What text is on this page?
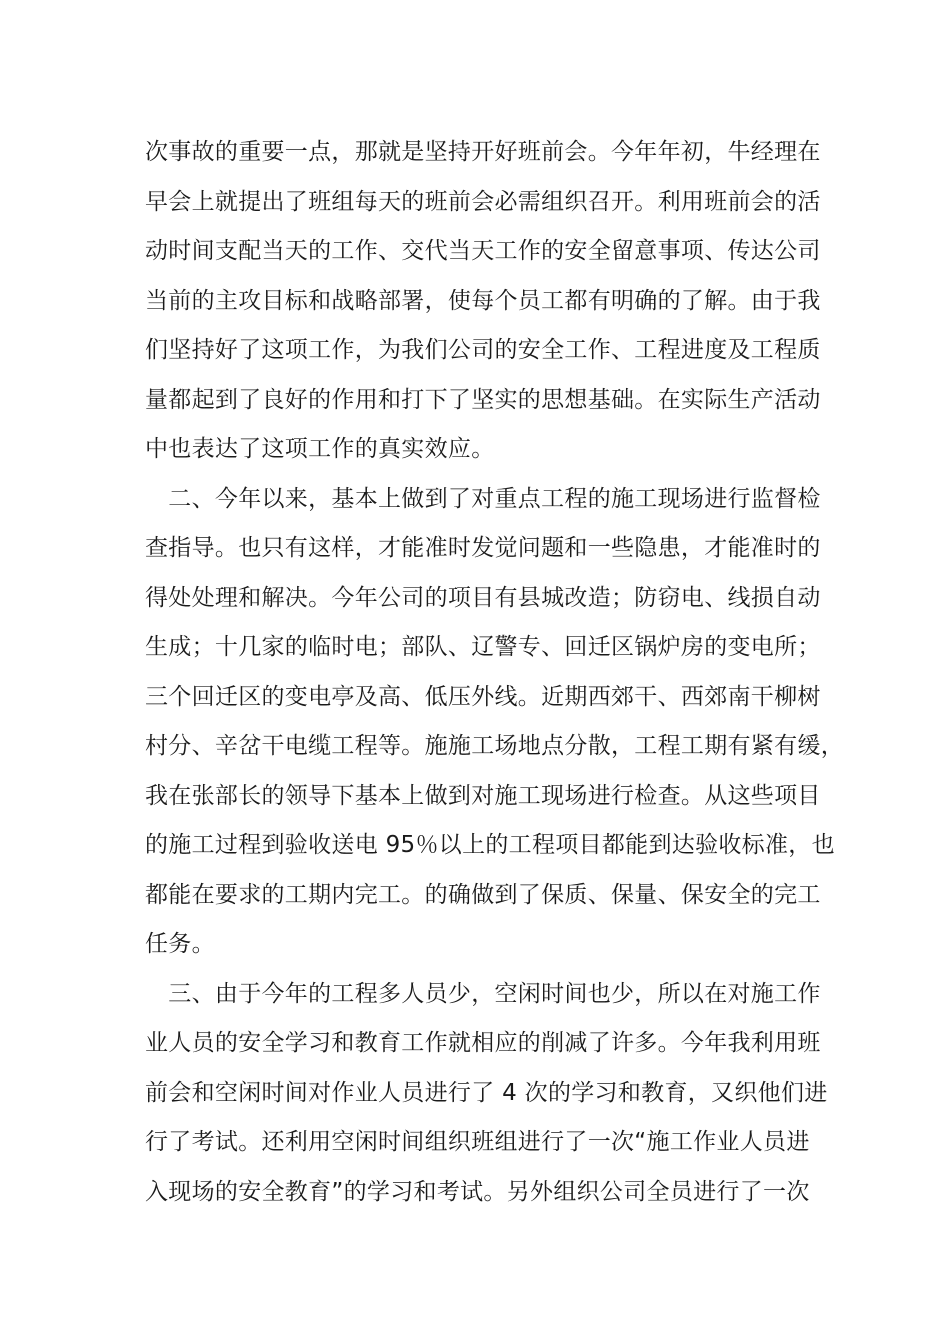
次事故的重要一点，那就是坚持开好班前会。今年年初，牛经理在
早会上就提出了班组每天的班前会必需组织召开。利用班前会的活
动时间支配当天的工作、交代当天工作的安全留意事项、传达公司
当前的主攻目标和战略部署，使每个员工都有明确的了解。由于我
们坚持好了这项工作，为我们公司的安全工作、工程进度及工程质
量都起到了良好的作用和打下了坚实的思想基础。在实际生产活动
中也表达了这项工作的真实效应。
　二、今年以来，基本上做到了对重点工程的施工现场进行监督检
查指导。也只有这样，才能准时发觉问题和一些隐患，才能准时的
得处处理和解决。今年公司的项目有县城改造；防窃电、线损自动
生成；十几家的临时电；部队、辽警专、回迁区锅炉房的变电所；
三个回迁区的变电亭及高、低压外线。近期西郊干、西郊南干柳树
村分、辛岔干电缆工程等。施施工场地点分散，工程工期有紧有缓，
我在张部长的领导下基本上做到对施工现场进行检查。从这些项目
的施工过程到验收送电 95％以上的工程项目都能到达验收标准，也
都能在要求的工期内完工。的确做到了保质、保量、保安全的完工
任务。
　三、由于今年的工程多人员少，空闲时间也少，所以在对施工作
业人员的安全学习和教育工作就相应的削减了许多。今年我利用班
前会和空闲时间对作业人员进行了 4 次的学习和教育，又织他们进
行了考试。还利用空闲时间组织班组进行了一次“施工作业人员进
入现场的安全教育”的学习和考试。另外组织公司全员进行了一次
